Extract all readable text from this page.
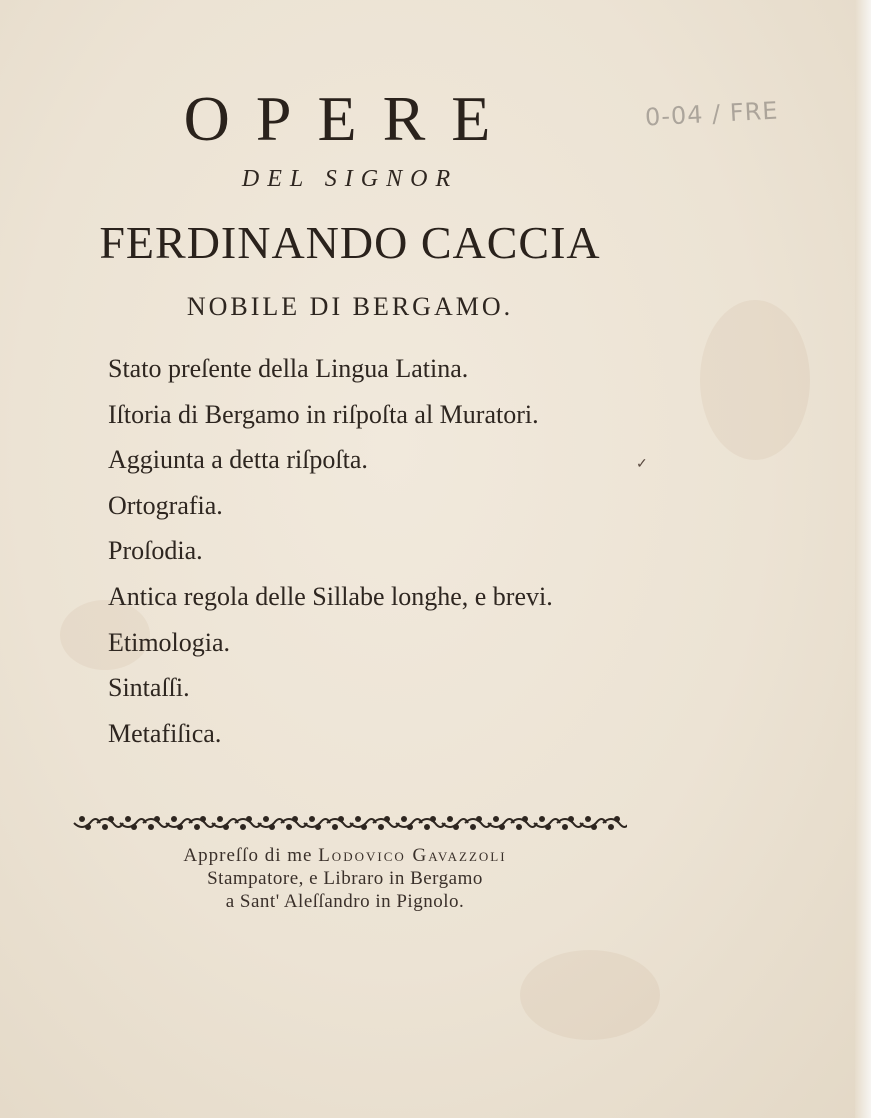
OPERE
DEL SIGNOR
FERDINANDO CACCIA
NOBILE DI BERGAMO.
Stato preſente della Lingua Latina.
Iſtoria di Bergamo in riſpoſta al Muratori.
Aggiunta a detta riſpoſta.
Ortografia.
Proſodia.
Antica regola delle Sillabe longhe, e brevi.
Etimologia.
Sintaſſi.
Metafiſica.
✓
Appreſſo di me Lodovico Gavazzoli
Stampatore, e Libraro in Bergamo
a Sant' Aleſſandro in Pignolo.
0-04 / FRE
